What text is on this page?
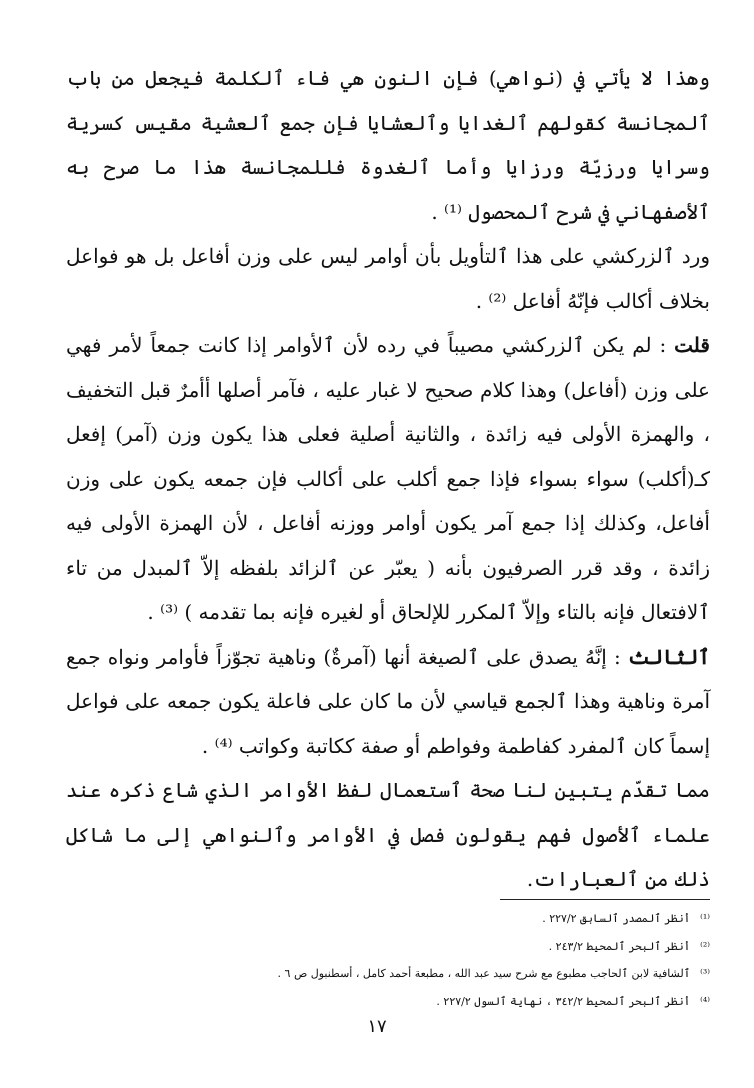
وهذا لا يأتي في (نواهي) فإن النون هي فاء ٱلكلمة فيجعل من باب ٱلمجانسة كقولهم ٱلغدايا وٱلعشايا فإن جمع ٱلعشية مقيس كسرية وسرايا ورزيّة ورزايا وأما ٱلغدوة فللمجانسة هذا ما صرح به ٱلأصفهاني في شرح ٱلمحصول ⁽¹⁾ .

ورد ٱلزركشي على هذا ٱلتأويل بأن أوامر ليس على وزن أفاعل بل هو فواعل بخلاف أكالب فإنّهُ أفاعل ⁽²⁾ .

قلت : لم يكن ٱلزركشي مصيباً في رده لأن ٱلأوامر إذا كانت جمعاً لأمر فهي على وزن (أفاعل) وهذا كلام صحيح لا غبار عليه ، فآمر أصلها أأمرٌ قبل التخفيف ، والهمزة الأولى فيه زائدة ، والثانية أصلية فعلى هذا يكون وزن (آمر) إفعل كـ(أكلب) سواء بسواء فإذا جمع أكلب على أكالب فإن جمعه يكون على وزن أفاعل، وكذلك إذا جمع آمر يكون أوامر ووزنه أفاعل ، لأن الهمزة الأولى فيه زائدة ، وقد قرر الصرفيون بأنه ( يعبّر عن ٱلزائد بلفظه إلاّ ٱلمبدل من تاء ٱلافتعال فإنه بالتاء وإلاّ ٱلمكرر للإلحاق أو لغيره فإنه بما تقدمه ) ⁽³⁾ .

ٱلثالث : إنَّهُ يصدق على ٱلصيغة أنها (آمرةٌ) وناهية تجوّزاً فأوامر ونواه جمع آمرة وناهية وهذا ٱلجمع قياسي لأن ما كان على فاعلة يكون جمعه على فواعل إسماً كان ٱلمفرد كفاطمة وفواطم أو صفة ككاتبة وكواتب ⁽⁴⁾ .

مما تقدّم يتبين لنا صحة ٱستعمال لفظ الأوامر الذي شاع ذكره عند علماء ٱلأصول فهم يقولون فصل في الأوامر وٱلنواهي إلى ما شاكل ذلك من ٱلعبارات.

⁽¹⁾أنظر ٱلمصدر ٱلسابق ٢٢٧/٢ .
⁽²⁾أنظر ٱلبحر ٱلمحيط ٢٤٣/٢ .
⁽³⁾ٱلشافية لابن ٱلحاجب مطبوع مع شرح سيد عبد الله ، مطبعة أحمد كامل ، أسطنبول ص ٦ .
⁽⁴⁾أنظر ٱلبحر ٱلمحيط ٣٤٢/٢ ، نهاية ٱلسول ٢٢٧/٢ .
١٧
